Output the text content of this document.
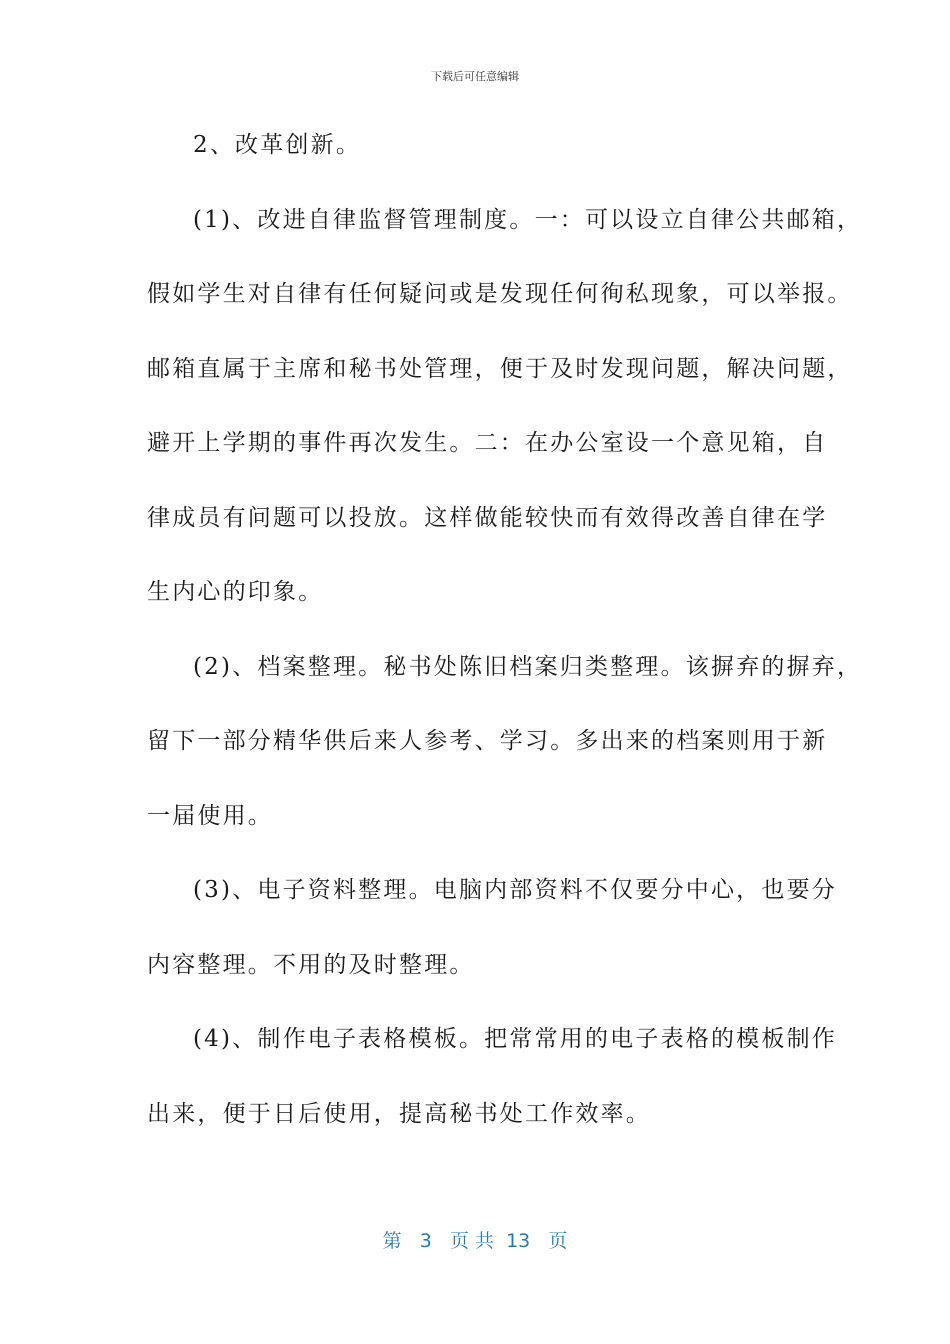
下载后可任意编辑
2、改革创新。
(1)、改进自律监督管理制度。一：可以设立自律公共邮箱，
假如学生对自律有任何疑问或是发现任何徇私现象，可以举报。
邮箱直属于主席和秘书处管理，便于及时发现问题，解决问题，
避开上学期的事件再次发生。二：在办公室设一个意见箱，自
律成员有问题可以投放。这样做能较快而有效得改善自律在学
生内心的印象。
(2)、档案整理。秘书处陈旧档案归类整理。该摒弃的摒弃，
留下一部分精华供后来人参考、学习。多出来的档案则用于新
一届使用。
(3)、电子资料整理。电脑内部资料不仅要分中心，也要分
内容整理。不用的及时整理。
(4)、制作电子表格模板。把常常用的电子表格的模板制作
出来，便于日后使用，提高秘书处工作效率。
第 3 页 共 13 页
